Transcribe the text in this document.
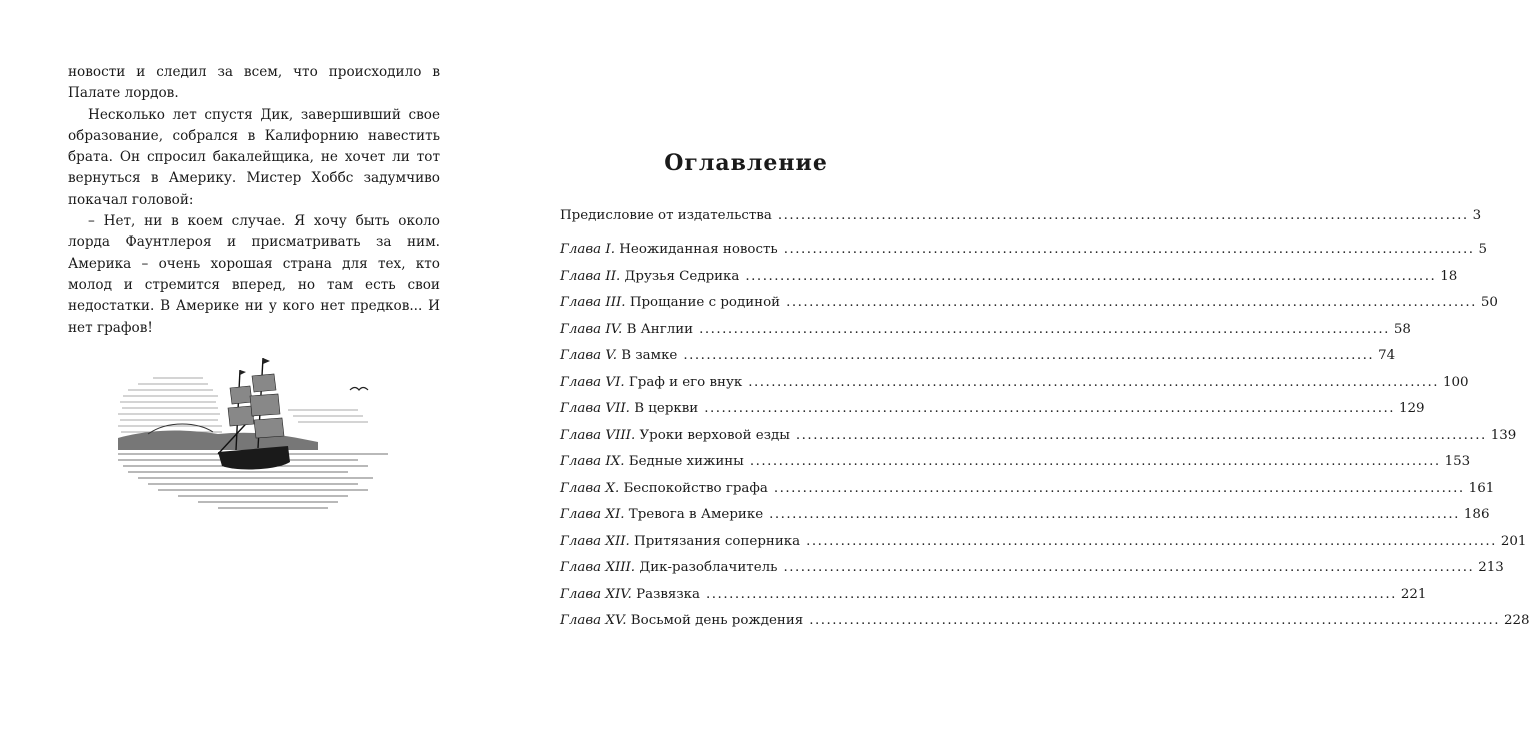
новости и следил за всем, что происходило в Палате лордов.

Несколько лет спустя Дик, завершивший свое образование, собрался в Калифорнию навестить брата. Он спросил бакалейщика, не хочет ли тот вернуться в Америку. Мистер Хоббс задумчиво покачал головой:

– Нет, ни в коем случае. Я хочу быть около лорда Фаунтлероя и присматривать за ним. Америка – очень хорошая страна для тех, кто молод и стремится вперед, но там есть свои недостатки. В Америке ни у кого нет предков... И нет графов!

Оглавление
Предисловие от издательства ........................................................................................................................ 3
Глава I. Неожиданная новость ........................................................................................................................ 5
Глава II. Друзья Седрика ........................................................................................................................ 18
Глава III. Прощание с родиной ........................................................................................................................ 50
Глава IV. В Англии ........................................................................................................................ 58
Глава V. В замке ........................................................................................................................ 74
Глава VI. Граф и его внук ........................................................................................................................ 100
Глава VII. В церкви ........................................................................................................................ 129
Глава VIII. Уроки верховой езды ........................................................................................................................ 139
Глава IX. Бедные хижины ........................................................................................................................ 153
Глава X. Беспокойство графа ........................................................................................................................ 161
Глава XI. Тревога в Америке ........................................................................................................................ 186
Глава XII. Притязания соперника ........................................................................................................................ 201
Глава XIII. Дик-разоблачитель ........................................................................................................................ 213
Глава XIV. Развязка ........................................................................................................................ 221
Глава XV. Восьмой день рождения ........................................................................................................................ 228
